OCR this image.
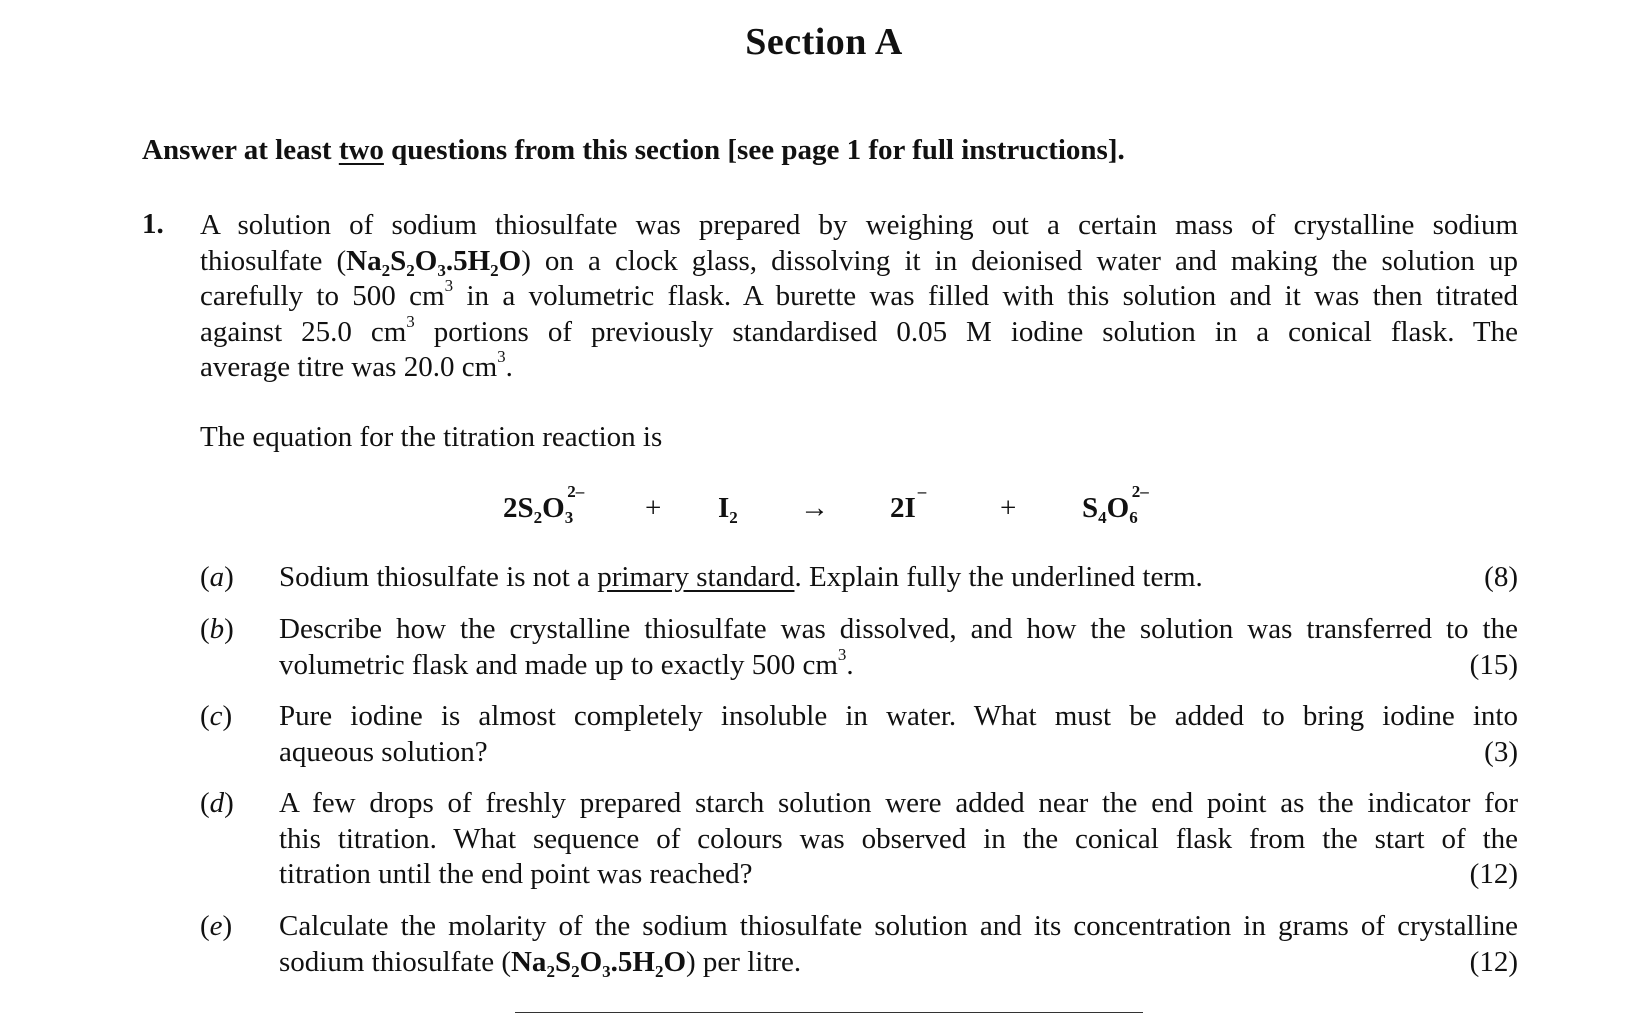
Section A
Answer at least two questions from this section [see page 1 for full instructions].
1. A solution of sodium thiosulfate was prepared by weighing out a certain mass of crystalline sodium
thiosulfate $(Na_2S_2O_3.5H_2O)$ on a clock glass, dissolving it in deionised water and making the solution up
carefully to 500 $cm^3$ in a volumetric flask. A burette was filled with this solution and it was then titrated
against 25.0 $cm^3$ portions of previously standardised 0.05 M iodine solution in a conical flask. The
average titre was 20.0 $cm^3$.
The equation for the titration reaction is
$2S_2O_3^{2-}$
+ $I_2 \to 2I^-$
+ $S_4O_6^{2-}$
(a)	(8)
Sodium thiosulfate is not a primary standard. Explain fully the underlined term.
(b) Describe how the crystalline thiosulfate was dissolved, and how the solution was transferred to the
(15)
volumetric flask and made up to exactly 500 $cm^3$.
(c) Pure iodine is almost completely insoluble in water. What must be added to bring iodine into
(3)
aqueous solution?
(d) A few drops of freshly prepared starch solution were added near the end point as the indicator for
this titration. What sequence of colours was observed in the conical flask from the start of the
(12)
titration until the end point was reached?
(e) Calculate the molarity of the sodium thiosulfate solution and its concentration in grams of crystalline
(12)
sodium thiosulfate $(Na_2S_2O_3.5H_2O)$ per litre.
